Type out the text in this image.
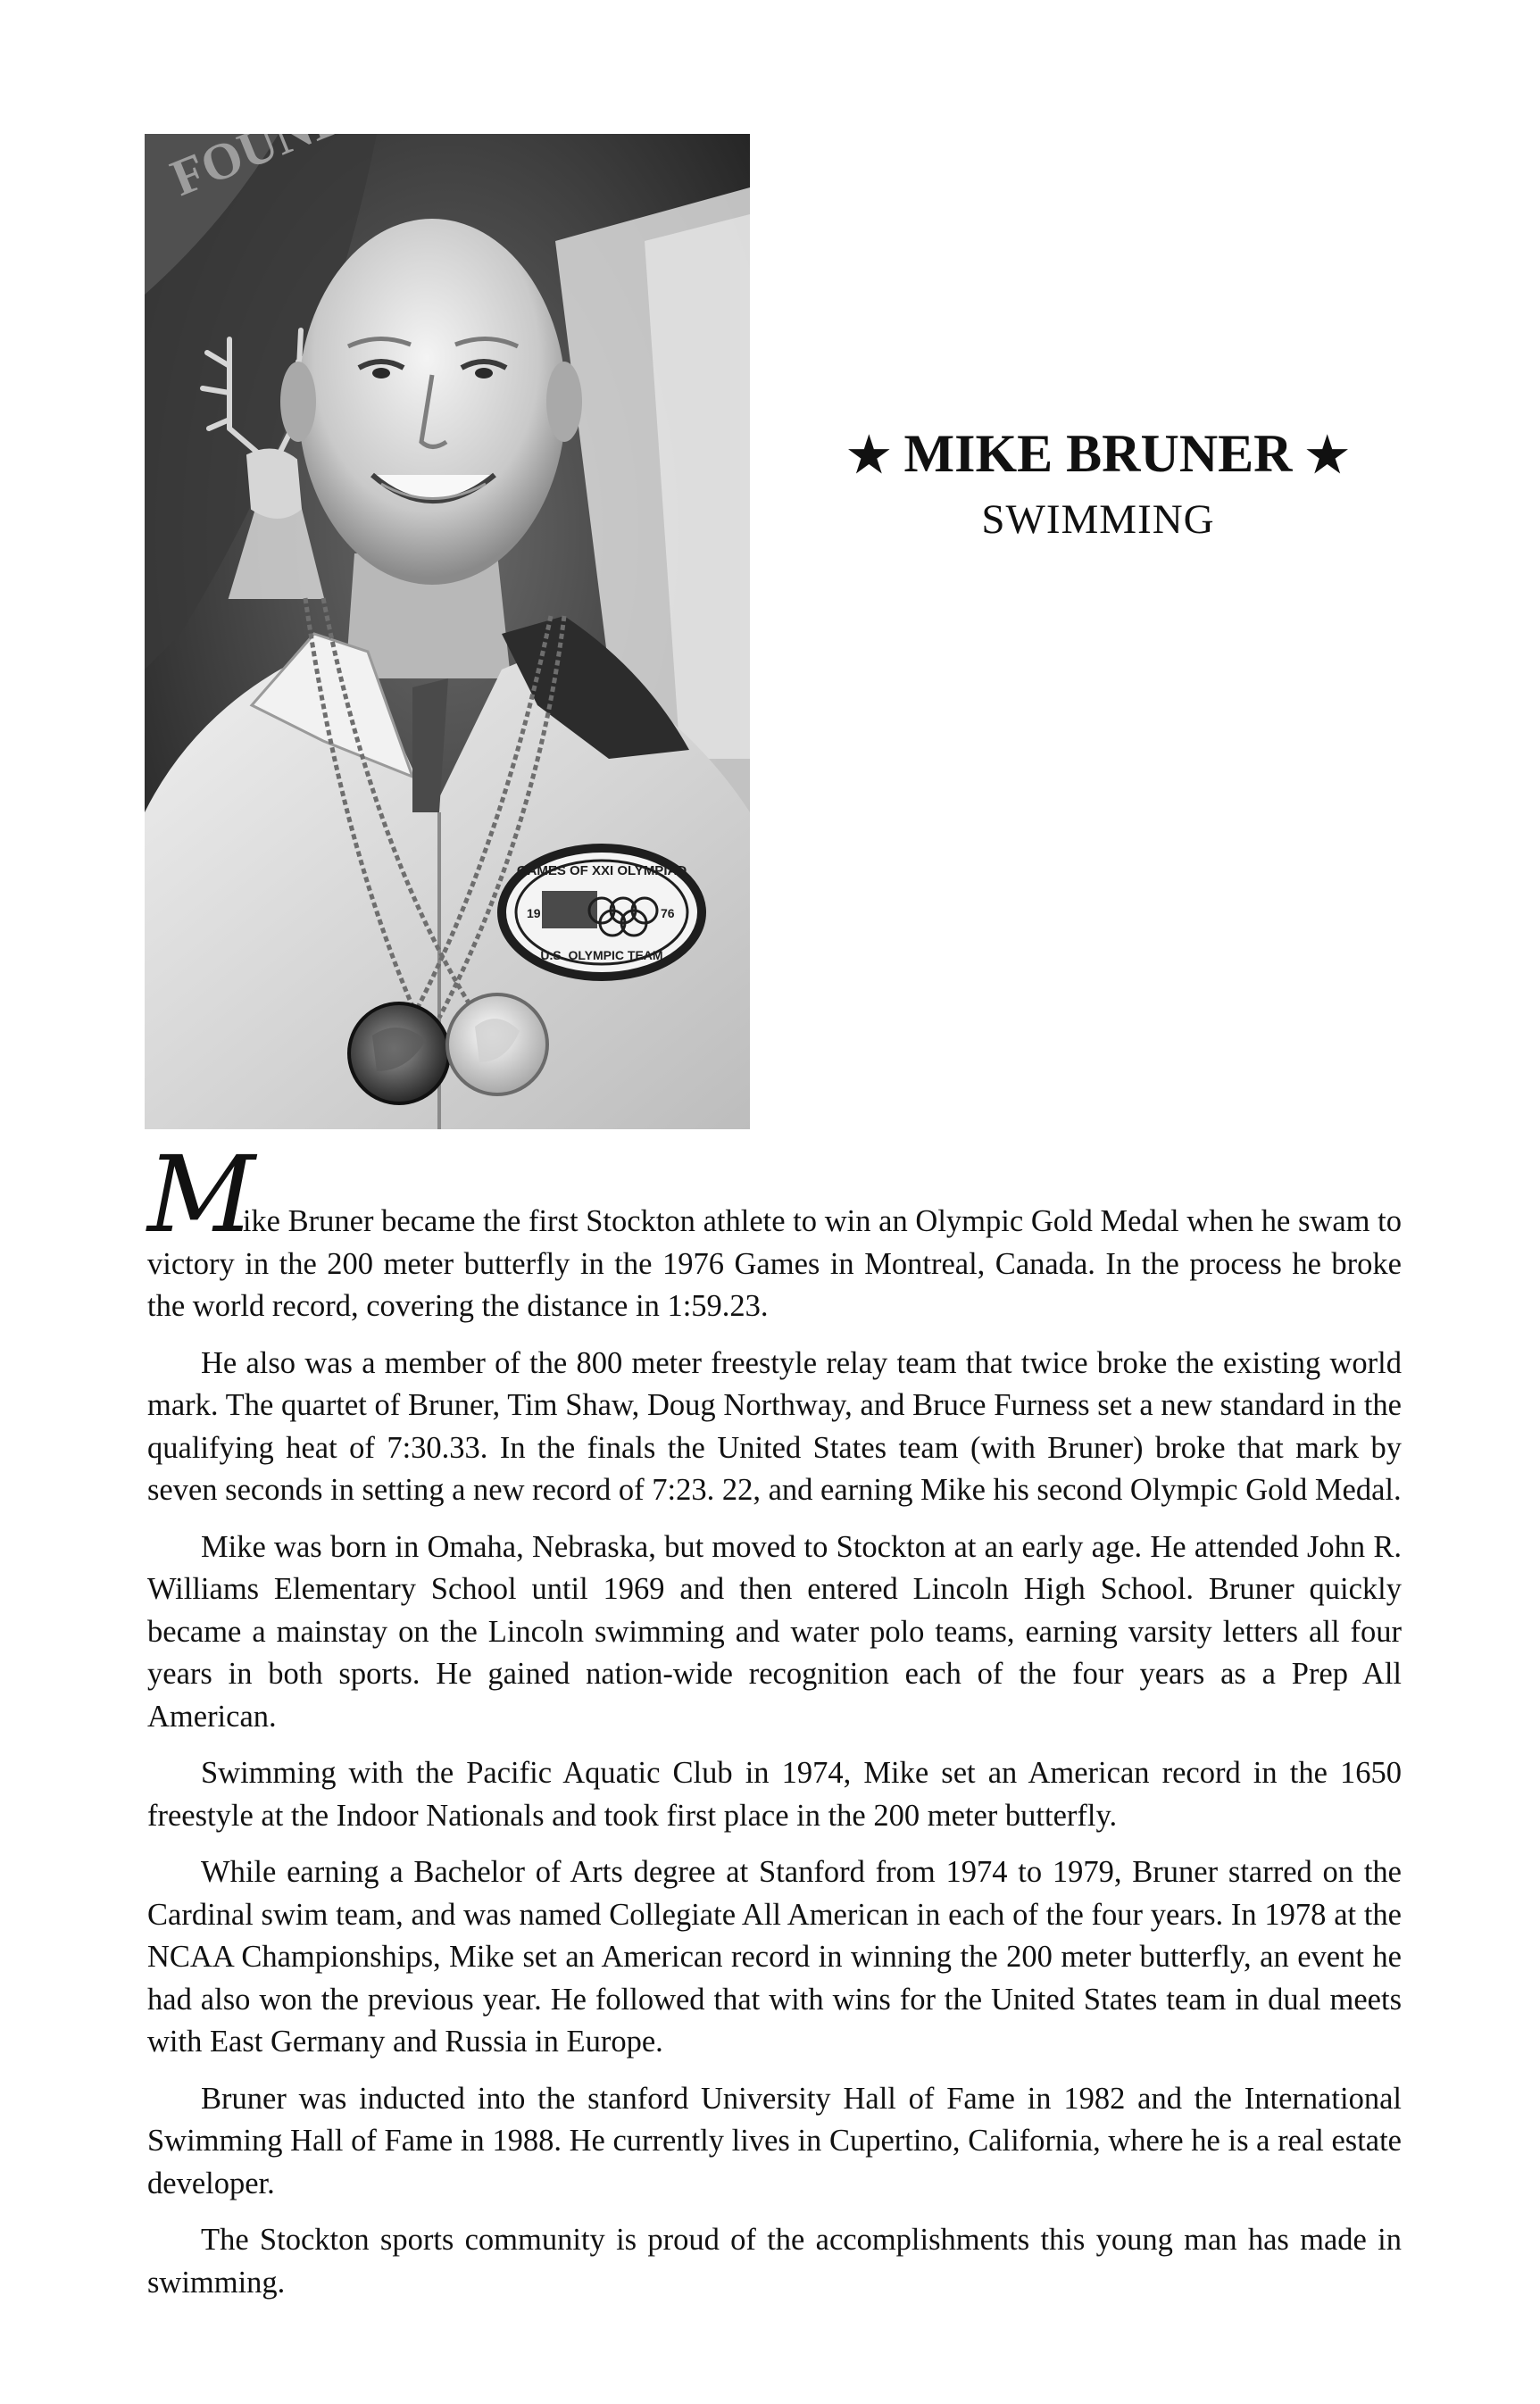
GAMES OF XXI OLYMPIAD
19	76
U.S. OLYMPIC TEAM
★ MIKE BRUNER ★
SWIMMING

Mike Bruner became the first Stockton athlete to win an Olympic Gold Medal when he swam to victory in the 200 meter butterfly in the 1976 Games in Montreal, Canada. In the process he broke the world record, covering the distance in 1:59.23.

He also was a member of the 800 meter freestyle relay team that twice broke the existing world mark. The quartet of Bruner, Tim Shaw, Doug Northway, and Bruce Furness set a new standard in the qualifying heat of 7:30.33. In the finals the United States team (with Bruner) broke that mark by seven seconds in setting a new record of 7:23. 22, and earning Mike his second Olympic Gold Medal.

Mike was born in Omaha, Nebraska, but moved to Stockton at an early age. He attended John R. Williams Elementary School until 1969 and then entered Lincoln High School. Bruner quickly became a mainstay on the Lincoln swimming and water polo teams, earning varsity letters all four years in both sports. He gained nation-wide recognition each of the four years as a Prep All American.

Swimming with the Pacific Aquatic Club in 1974, Mike set an American record in the 1650 freestyle at the Indoor Nationals and took first place in the 200 meter butterfly.

While earning a Bachelor of Arts degree at Stanford from 1974 to 1979, Bruner starred on the Cardinal swim team, and was named Collegiate All American in each of the four years. In 1978 at the NCAA Championships, Mike set an American record in winning the 200 meter butterfly, an event he had also won the previous year. He followed that with wins for the United States team in dual meets with East Germany and Russia in Europe.

Bruner was inducted into the stanford University Hall of Fame in 1982 and the International Swimming Hall of Fame in 1988. He currently lives in Cupertino, California, where he is a real estate developer.

The Stockton sports community is proud of the accomplishments this young man has made in swimming.
